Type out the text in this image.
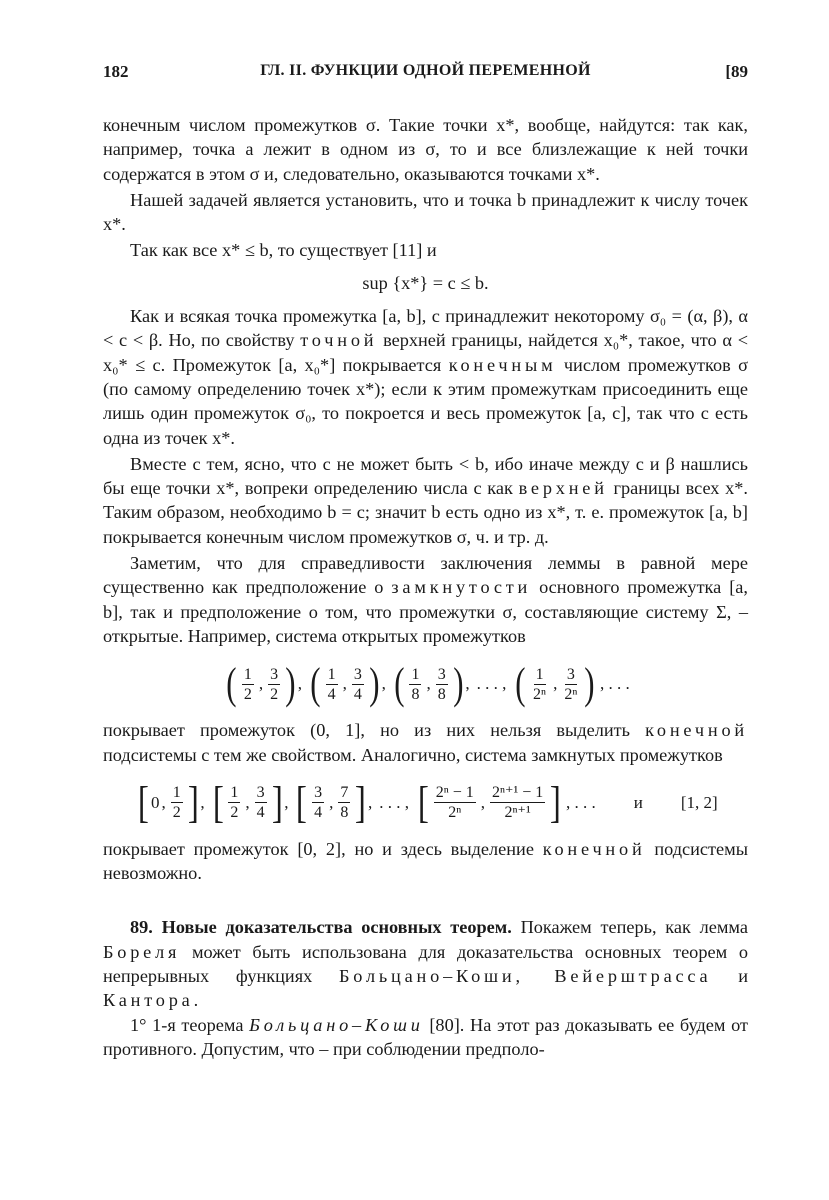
182	ГЛ. II. ФУНКЦИИ ОДНОЙ ПЕРЕМЕННОЙ	[89

конечным числом промежутков σ. Такие точки x*, вообще, найдутся: так как, например, точка a лежит в одном из σ, то и все близлежащие к ней точки содержатся в этом σ и, следовательно, оказываются точками x*.

Нашей задачей является установить, что и точка b принадлежит к числу точек x*.

Так как все x* ≤ b, то существует [11] и

sup {x*} = c ≤ b.

Как и всякая точка промежутка [a, b], c принадлежит некоторому σ₀ = (α, β), α < c < β. Но, по свойству точной верхней границы, найдется x₀*, такое, что α < x₀* ≤ c. Промежуток [a, x₀*] покрывается конечным числом промежутков σ (по самому определению точек x*); если к этим промежуткам присоединить еще лишь один промежуток σ₀, то покроется и весь промежуток [a, c], так что c есть одна из точек x*.

Вместе с тем, ясно, что c не может быть < b, ибо иначе между c и β нашлись бы еще точки x*, вопреки определению числа c как верхней границы всех x*. Таким образом, необходимо b = c; значит b есть одно из x*, т. е. промежуток [a, b] покрывается конечным числом промежутков σ, ч. и тр. д.

Заметим, что для справедливости заключения леммы в равной мере существенно как предположение о замкнутости основного промежутка [a, b], так и предположение о том, что промежутки σ, составляющие систему Σ, – открытые. Например, система открытых промежутков

( $\frac{1}{2}$ , $\frac{3}{2}$ ) , ( $\frac{1}{4}$ , $\frac{3}{4}$ ) , ( $\frac{1}{8}$ , $\frac{3}{8}$ ) , . . . , ( $\frac{1}{\text{2ⁿ}}$ , $\frac{3}{\text{2ⁿ}}$ ) , . . .

покрывает промежуток (0, 1], но из них нельзя выделить конечной подсистемы с тем же свойством. Аналогично, система замкнутых промежутков

[ 0 , $\frac{1}{2}$ ] , [ $\frac{1}{2}$ , $\frac{3}{4}$ ] , [ $\frac{3}{4}$ , $\frac{7}{8}$ ] , . . . , [ $\frac{\text{2ⁿ − 1}}{\text{2ⁿ}}$ , $\frac{\text{2ⁿ⁺¹ − 1}}{\text{2ⁿ⁺¹}}$ ] , . . . и [1, 2]

покрывает промежуток [0, 2], но и здесь выделение конечной подсистемы невозможно.

89. Новые доказательства основных теорем. Покажем теперь, как лемма Бореля может быть использована для доказательства основных теорем о непрерывных функциях Больцано–Коши, Вейерштрасса и Кантора.

1° 1-я теорема Больцано–Коши [80]. На этот раз доказывать ее будем от противного. Допустим, что – при соблюдении предполо-
